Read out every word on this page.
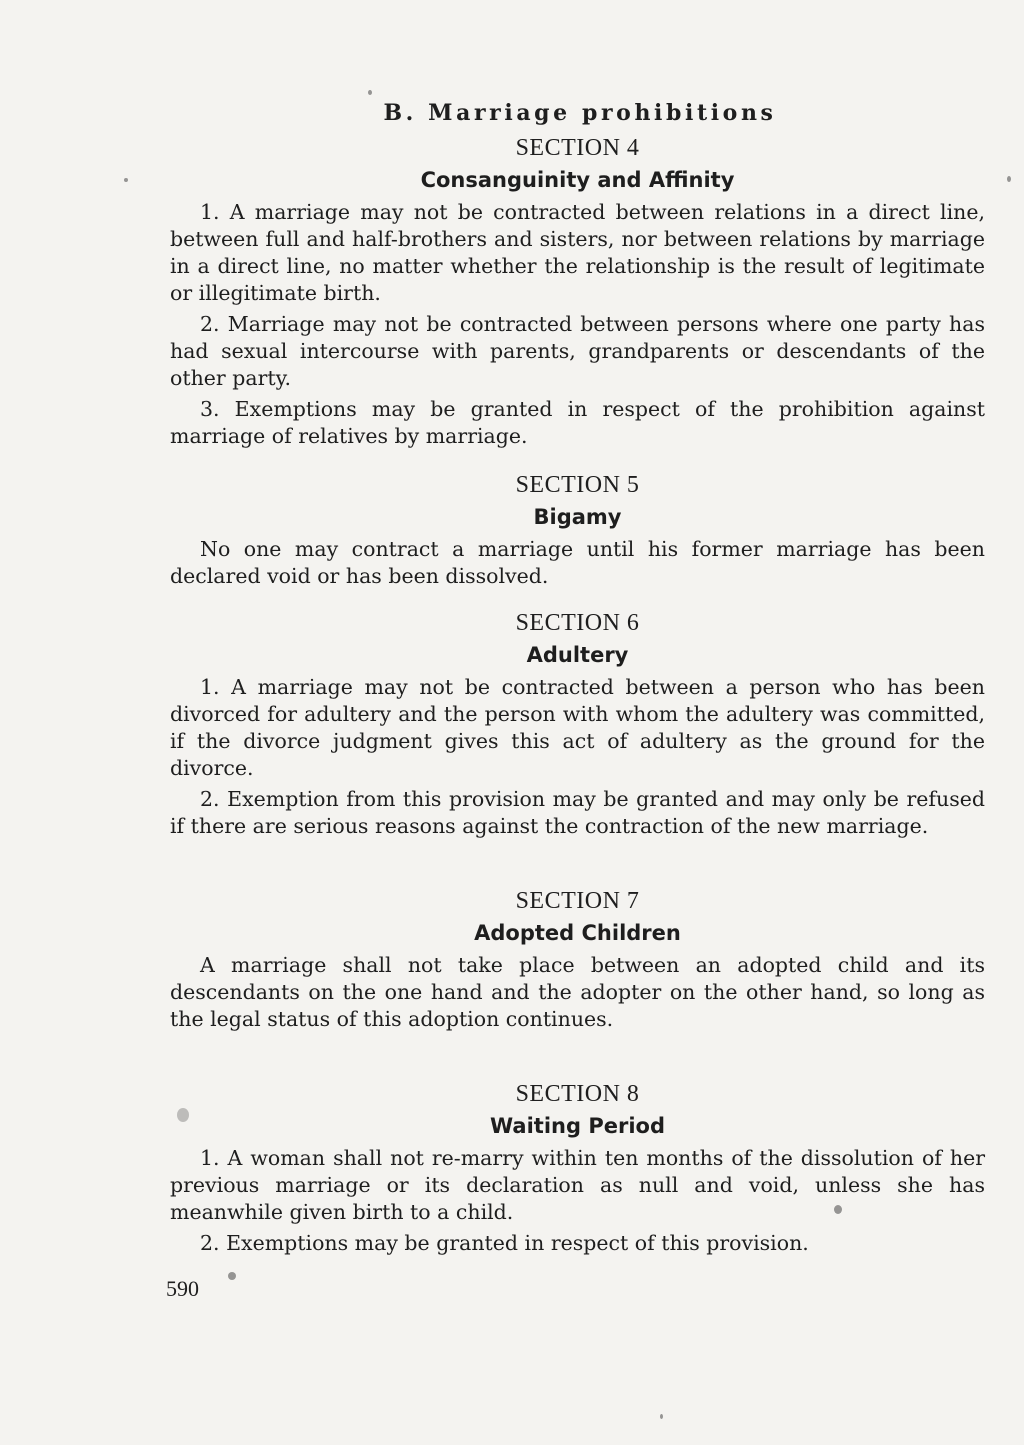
B. Marriage prohibitions
SECTION 4
Consanguinity and Affinity

1. A marriage may not be contracted between relations in a direct line, between full and half-brothers and sisters, nor between relations by marriage in a direct line, no matter whether the relationship is the result of legitimate or illegitimate birth.

2. Marriage may not be contracted between persons where one party has had sexual intercourse with parents, grandparents or descendants of the other party.

3. Exemptions may be granted in respect of the prohibition against marriage of relatives by marriage.

SECTION 5
Bigamy

No one may contract a marriage until his former marriage has been declared void or has been dissolved.

SECTION 6
Adultery

1. A marriage may not be contracted between a person who has been divorced for adultery and the person with whom the adultery was committed, if the divorce judgment gives this act of adultery as the ground for the divorce.

2. Exemption from this provision may be granted and may only be refused if there are serious reasons against the contraction of the new marriage.

SECTION 7
Adopted Children

A marriage shall not take place between an adopted child and its descendants on the one hand and the adopter on the other hand, so long as the legal status of this adoption continues.

SECTION 8
Waiting Period

1. A woman shall not re-marry within ten months of the dissolution of her previous marriage or its declaration as null and void, unless she has meanwhile given birth to a child.

2. Exemptions may be granted in respect of this provision.

590
